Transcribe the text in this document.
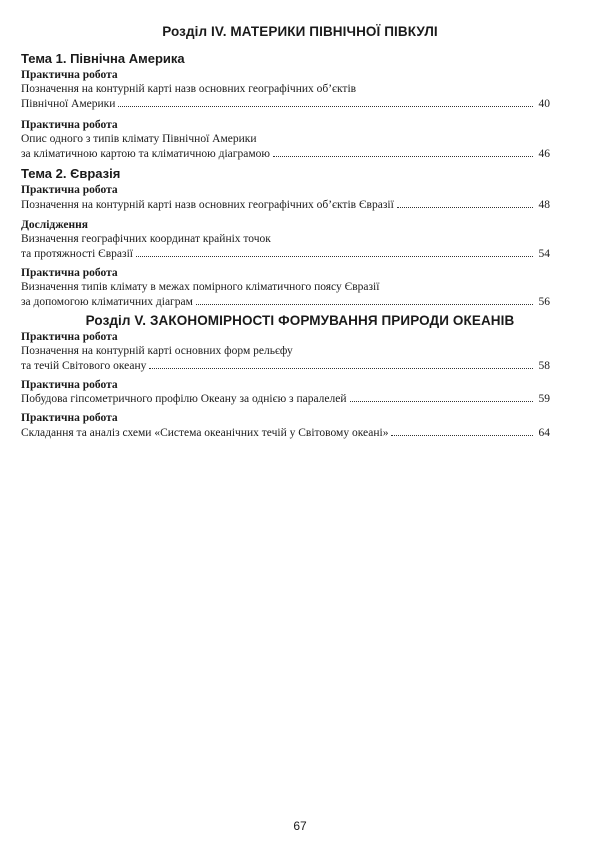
Розділ IV. МАТЕРИКИ ПІВНІЧНОЇ ПІВКУЛІ
Тема 1. Північна Америка
Практична робота
Позначення на контурній карті назв основних географічних об’єктів
Північної Америки	40
Практична робота
Опис одного з типів клімату Північної Америки
за кліматичною картою та кліматичною діаграмою	46
Тема 2. Євразія
Практична робота
Позначення на контурній карті назв основних географічних об’єктів Євразії	48
Дослідження
Визначення географічних координат крайніх точок
та протяжності Євразії	54
Практична робота
Визначення типів клімату в межах помірного кліматичного поясу Євразії
за допомогою кліматичних діаграм	56
Розділ V. ЗАКОНОМІРНОСТІ ФОРМУВАННЯ ПРИРОДИ ОКЕАНІВ
Практична робота
Позначення на контурній карті основних форм рельєфу
та течій Світового океану	58
Практична робота
Побудова гіпсометричного профілю Океану за однією з паралелей	59
Практична робота
Складання та аналіз схеми «Система океанічних течій у Світовому океані»	64
67
